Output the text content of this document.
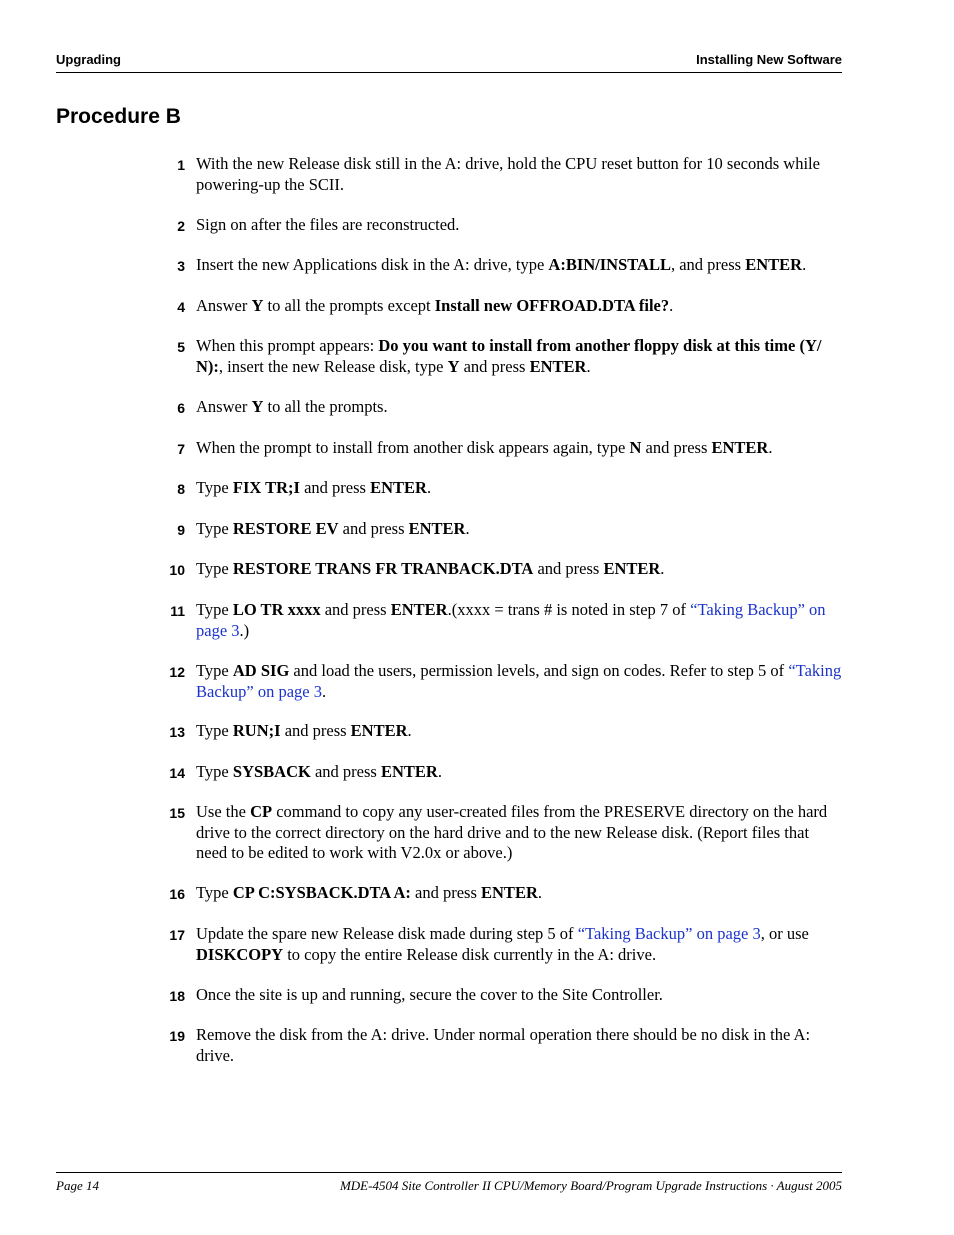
Upgrading	Installing New Software
Procedure B
1 With the new Release disk still in the A: drive, hold the CPU reset button for 10 seconds while powering-up the SCII.
2 Sign on after the files are reconstructed.
3 Insert the new Applications disk in the A: drive, type A:BIN/INSTALL, and press ENTER.
4 Answer Y to all the prompts except Install new OFFROAD.DTA file?.
5 When this prompt appears: Do you want to install from another floppy disk at this time (Y/ N):, insert the new Release disk, type Y and press ENTER.
6 Answer Y to all the prompts.
7 When the prompt to install from another disk appears again, type N and press ENTER.
8 Type FIX TR;I and press ENTER.
9 Type RESTORE EV and press ENTER.
10 Type RESTORE TRANS FR TRANBACK.DTA and press ENTER.
11 Type LO TR xxxx and press ENTER.(xxxx = trans # is noted in step 7 of “Taking Backup” on page 3.)
12 Type AD SIG and load the users, permission levels, and sign on codes. Refer to step 5 of “Taking Backup” on page 3.
13 Type RUN;I and press ENTER.
14 Type SYSBACK and press ENTER.
15 Use the CP command to copy any user-created files from the PRESERVE directory on the hard drive to the correct directory on the hard drive and to the new Release disk. (Report files that need to be edited to work with V2.0x or above.)
16 Type CP C:SYSBACK.DTA A: and press ENTER.
17 Update the spare new Release disk made during step 5 of “Taking Backup” on page 3, or use DISKCOPY to copy the entire Release disk currently in the A: drive.
18 Once the site is up and running, secure the cover to the Site Controller.
19 Remove the disk from the A: drive. Under normal operation there should be no disk in the A: drive.
Page 14	MDE-4504 Site Controller II CPU/Memory Board/Program Upgrade Instructions · August 2005
